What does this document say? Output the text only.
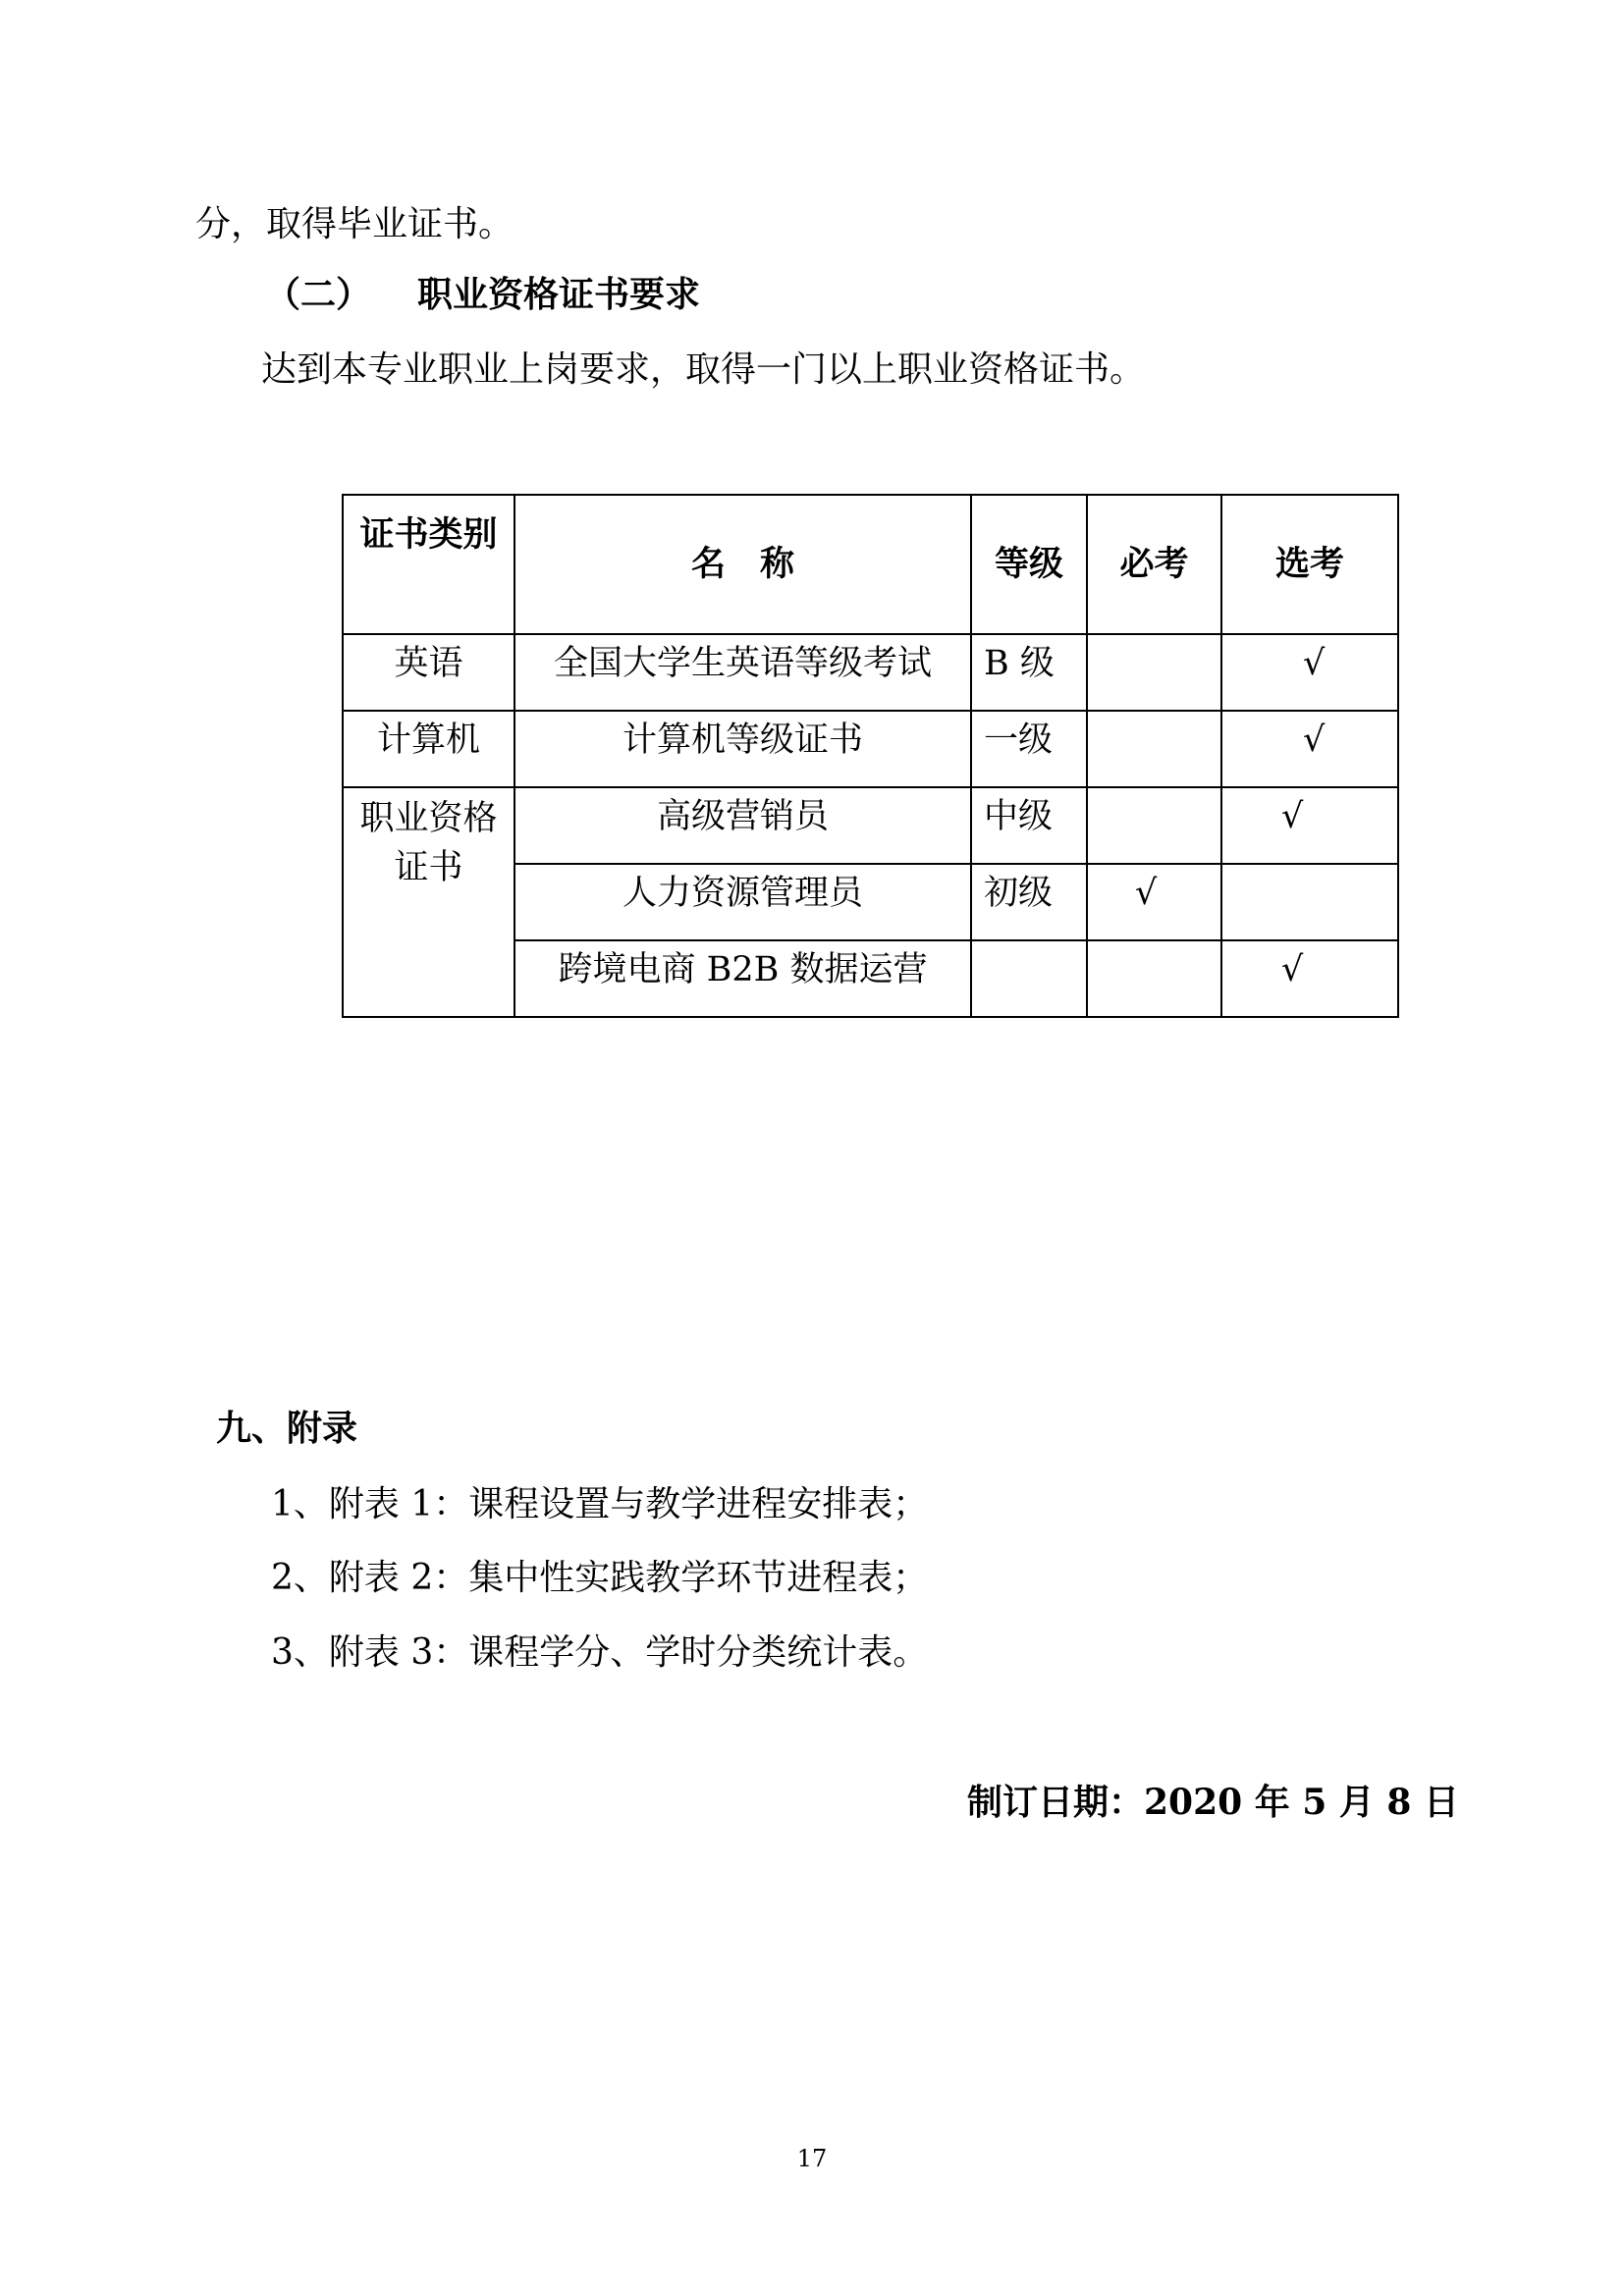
分，取得毕业证书。
（二） 职业资格证书要求
达到本专业职业上岗要求，取得一门以上职业资格证书。
证书类别	名　称	等级	必考	选考
英语	全国大学生英语等级考试	B 级		√
计算机	计算机等级证书	一级		√
职业资格证书	高级营销员	中级		√
	人力资源管理员	初级	√	
	跨境电商 B2B 数据运营			√
九、附录
1、附表 1：课程设置与教学进程安排表；
2、附表 2：集中性实践教学环节进程表；
3、附表 3：课程学分、学时分类统计表。
制订日期：2020 年 5 月 8 日
17
